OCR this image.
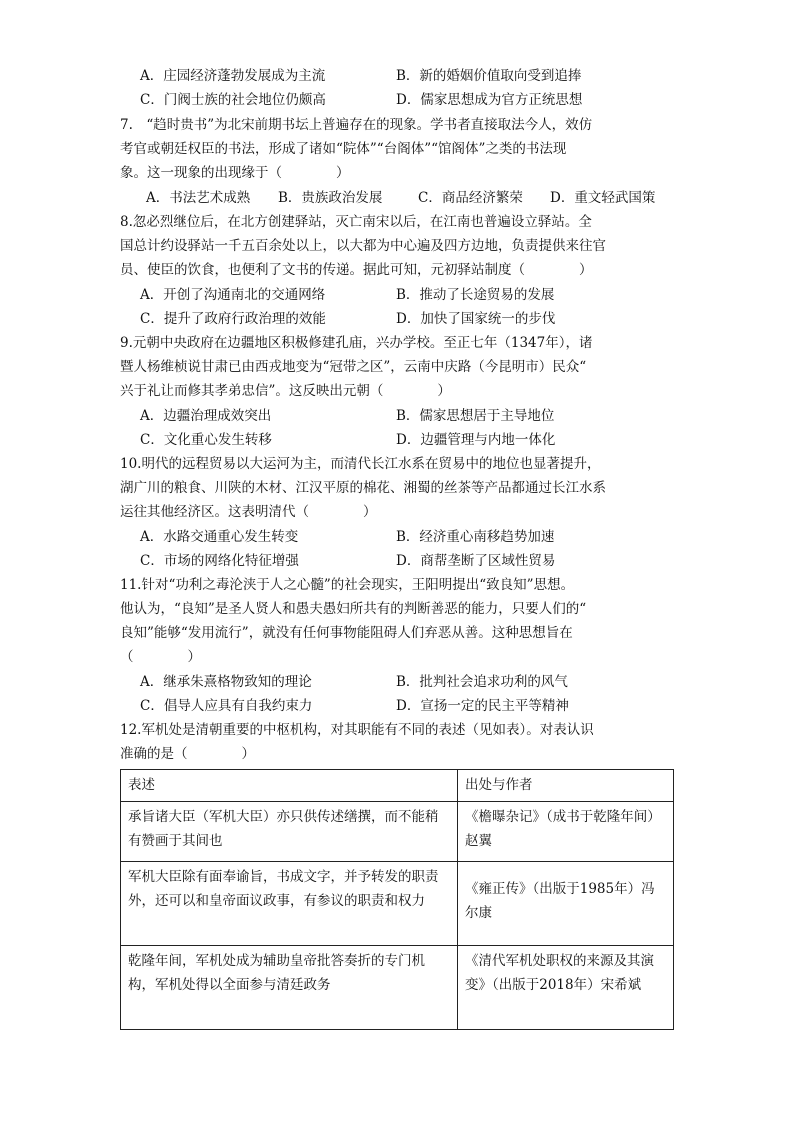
A．庄园经济蓬勃发展成为主流	B．新的婚姻价值取向受到追捧
C．门阀士族的社会地位仍颇高	D．儒家思想成为官方正统思想
7.　“趋时贵书”为北宋前期书坛上普遍存在的现象。学书者直接取法今人，效仿
考官或朝廷权臣的书法，形成了诸如“院体”“台阁体”“馆阁体”之类的书法现
象。这一现象的出现缘于（　　　　）
A．书法艺术成熟 B．贵族政治发展	C．商品经济繁荣 D．重文轻武国策
8.忽必烈继位后，在北方创建驿站，灭亡南宋以后，在江南也普遍设立驿站。全
国总计约设驿站一千五百余处以上，以大都为中心遍及四方边地，负责提供来往官
员、使臣的饮食，也便利了文书的传递。据此可知，元初驿站制度（　　　　）
A．开创了沟通南北的交通网络	B．推动了长途贸易的发展
C．提升了政府行政治理的效能	D．加快了国家统一的步伐
9.元朝中央政府在边疆地区积极修建孔庙，兴办学校。至正七年（1347年），诸
暨人杨维桢说甘肃已由西戎地变为“冠带之区”，云南中庆路（今昆明市）民众“
兴于礼让而修其孝弟忠信”。这反映出元朝（　　　　）
A．边疆治理成效突出	B．儒家思想居于主导地位
C．文化重心发生转移	D．边疆管理与内地一体化
10.明代的远程贸易以大运河为主，而清代长江水系在贸易中的地位也显著提升，
湖广川的粮食、川陕的木材、江汉平原的棉花、湘蜀的丝茶等产品都通过长江水系
运往其他经济区。这表明清代（　　　　）
A．水路交通重心发生转变	B．经济重心南移趋势加速
C．市场的网络化特征增强	D．商帮垄断了区域性贸易
11.针对“功利之毒沦浃于人之心髓”的社会现实，王阳明提出“致良知”思想。
他认为，“良知”是圣人贤人和愚夫愚妇所共有的判断善恶的能力，只要人们的“
良知”能够“发用流行”，就没有任何事物能阻碍人们弃恶从善。这种思想旨在
（　　　　）
A．继承朱熹格物致知的理论	B．批判社会追求功利的风气
C．倡导人应具有自我约束力	D．宣扬一定的民主平等精神
12.军机处是清朝重要的中枢机构，对其职能有不同的表述（见如表）。对表认识
准确的是（　　　　）
表述	出处与作者
承旨诸大臣（军机大臣）亦只供传述缮撰，而不能稍有赞画于其间也	《檐曝杂记》（成书于乾隆年间）赵翼
军机大臣除有面奉谕旨，书成文字，并予转发的职责外，还可以和皇帝面议政事，有参议的职责和权力	《雍正传》（出版于1985年）冯尔康
乾隆年间，军机处成为辅助皇帝批答奏折的专门机构，军机处得以全面参与清廷政务	《清代军机处职权的来源及其演变》（出版于2018年）宋希斌
